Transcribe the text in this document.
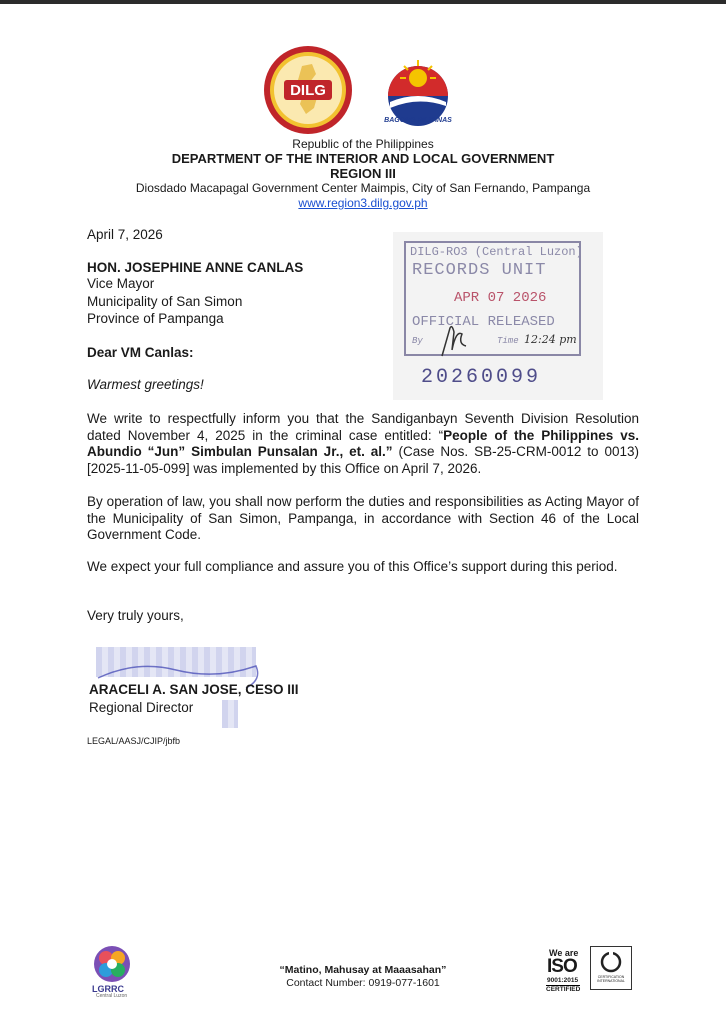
DILG
BAGONG PILIPINAS
Republic of the Philippines
DEPARTMENT OF THE INTERIOR AND LOCAL GOVERNMENT
REGION III
Diosdado Macapagal Government Center Maimpis, City of San Fernando, Pampanga
www.region3.dilg.gov.ph
DILG-RO3 (Central Luzon)
RECORDS UNIT
APR 07 2026
OFFICIAL RELEASED
By	Time 12:24 pm
20260099
April 7, 2026
HON. JOSEPHINE ANNE CANLAS
Vice Mayor
Municipality of San Simon
Province of Pampanga
Dear VM Canlas:
Warmest greetings!
We write to respectfully inform you that the Sandiganbayn Seventh Division Resolution dated November 4, 2025 in the criminal case entitled: “People of the Philippines vs. Abundio “Jun” Simbulan Punsalan Jr., et. al.” (Case Nos. SB-25-CRM-0012 to 0013) [2025-11-05-099] was implemented by this Office on April 7, 2026.
By operation of law, you shall now perform the duties and responsibilities as Acting Mayor of the Municipality of San Simon, Pampanga, in accordance with Section 46 of the Local Government Code.
We expect your full compliance and assure you of this Office’s support during this period.
Very truly yours,
ARACELI A. SAN JOSE, CESO III
Regional Director
LEGAL/AASJ/CJIP/jbfb
LGRRC
Central Luzon
“Matino, Mahusay at Maaasahan”
Contact Number: 0919-077-1601
We are
ISO
9001:2015
CERTIFIED
CERTIFICATION INTERNATIONAL
